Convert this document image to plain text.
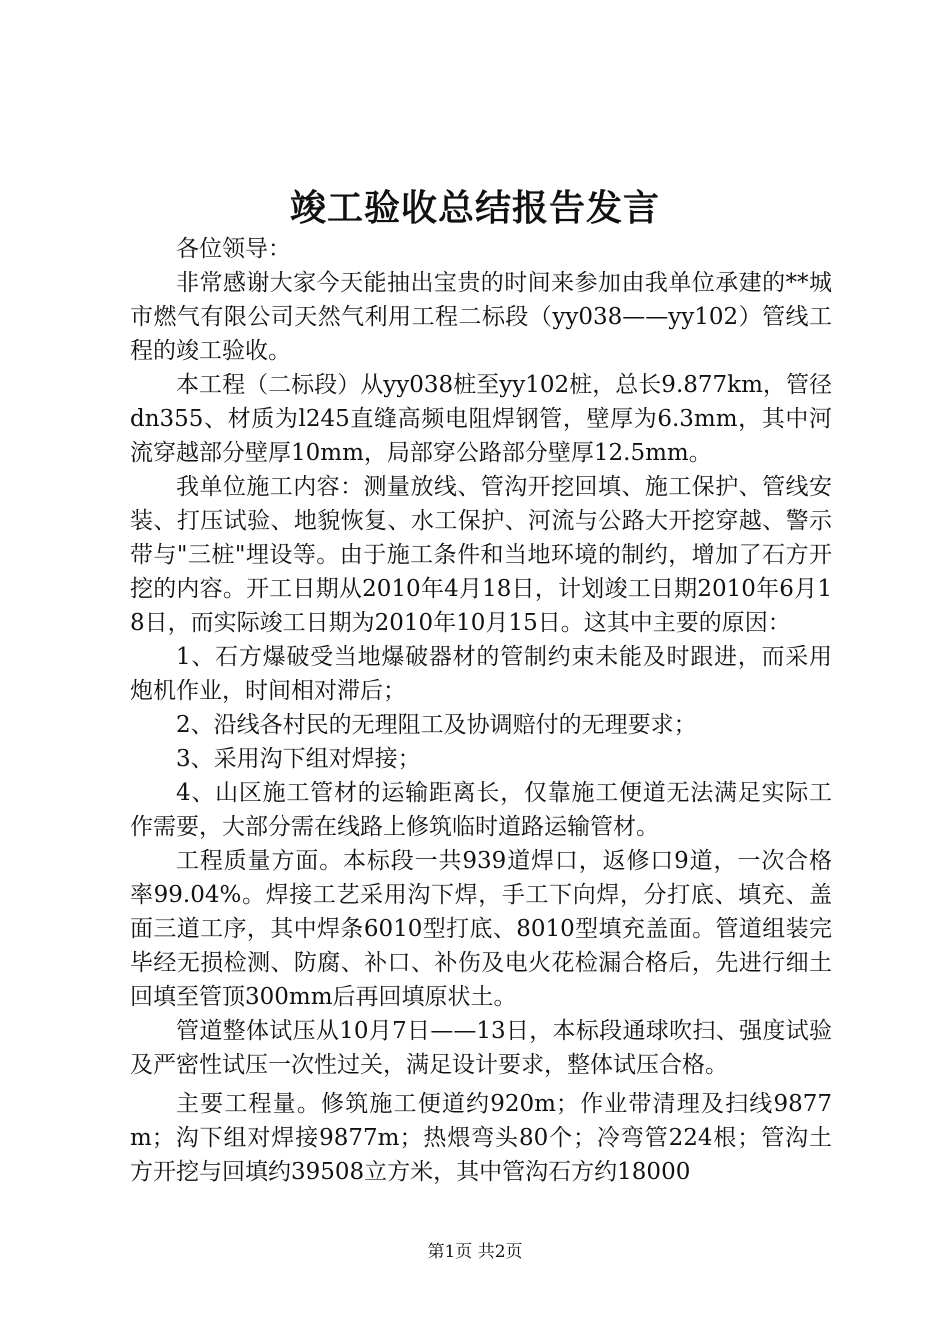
竣工验收总结报告发言

各位领导：

非常感谢大家今天能抽出宝贵的时间来参加由我单位承建的**城市燃气有限公司天然气利用工程二标段（yy038——yy102）管线工程的竣工验收。

本工程（二标段）从yy038桩至yy102桩，总长9.877km，管径dn355、材质为l245直缝高频电阻焊钢管，壁厚为6.3mm，其中河流穿越部分壁厚10mm，局部穿公路部分壁厚12.5mm。

我单位施工内容：测量放线、管沟开挖回填、施工保护、管线安装、打压试验、地貌恢复、水工保护、河流与公路大开挖穿越、警示带与"三桩"埋设等。由于施工条件和当地环境的制约，增加了石方开挖的内容。开工日期从2010年4月18日，计划竣工日期2010年6月18日，而实际竣工日期为2010年10月15日。这其中主要的原因：

1、石方爆破受当地爆破器材的管制约束未能及时跟进，而采用炮机作业，时间相对滞后；

2、沿线各村民的无理阻工及协调赔付的无理要求；

3、采用沟下组对焊接；

4、山区施工管材的运输距离长，仅靠施工便道无法满足实际工作需要，大部分需在线路上修筑临时道路运输管材。

工程质量方面。本标段一共939道焊口，返修口9道，一次合格率99.04%。焊接工艺采用沟下焊，手工下向焊，分打底、填充、盖面三道工序，其中焊条6010型打底、8010型填充盖面。管道组装完毕经无损检测、防腐、补口、补伤及电火花检漏合格后，先进行细土回填至管顶300mm后再回填原状土。

管道整体试压从10月7日——13日，本标段通球吹扫、强度试验及严密性试压一次性过关，满足设计要求，整体试压合格。

主要工程量。修筑施工便道约920m；作业带清理及扫线9877m；沟下组对焊接9877m；热煨弯头80个；冷弯管224根；管沟土方开挖与回填约39508立方米，其中管沟石方约18000

第1页 共2页
